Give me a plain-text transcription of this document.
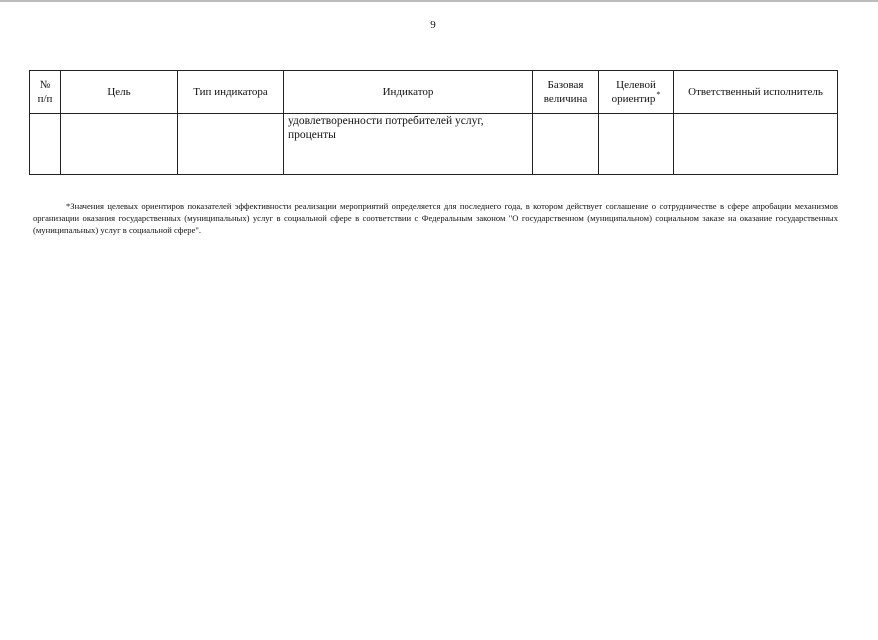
9
№ п/п	Цель	Тип индикатора	Индикатор	Базовая величина	Целевой ориентир*	Ответственный исполнитель
			удовлетворенности потребителей услуг, проценты			
*Значения целевых ориентиров показателей эффективности реализации мероприятий определяется для последнего года, в котором действует соглашение о сотрудничестве в сфере апробации механизмов организации оказания государственных (муниципальных) услуг в социальной сфере в соответствии с Федеральным законом "О государственном (муниципальном) социальном заказе на оказание государственных (муниципальных) услуг в социальной сфере".
